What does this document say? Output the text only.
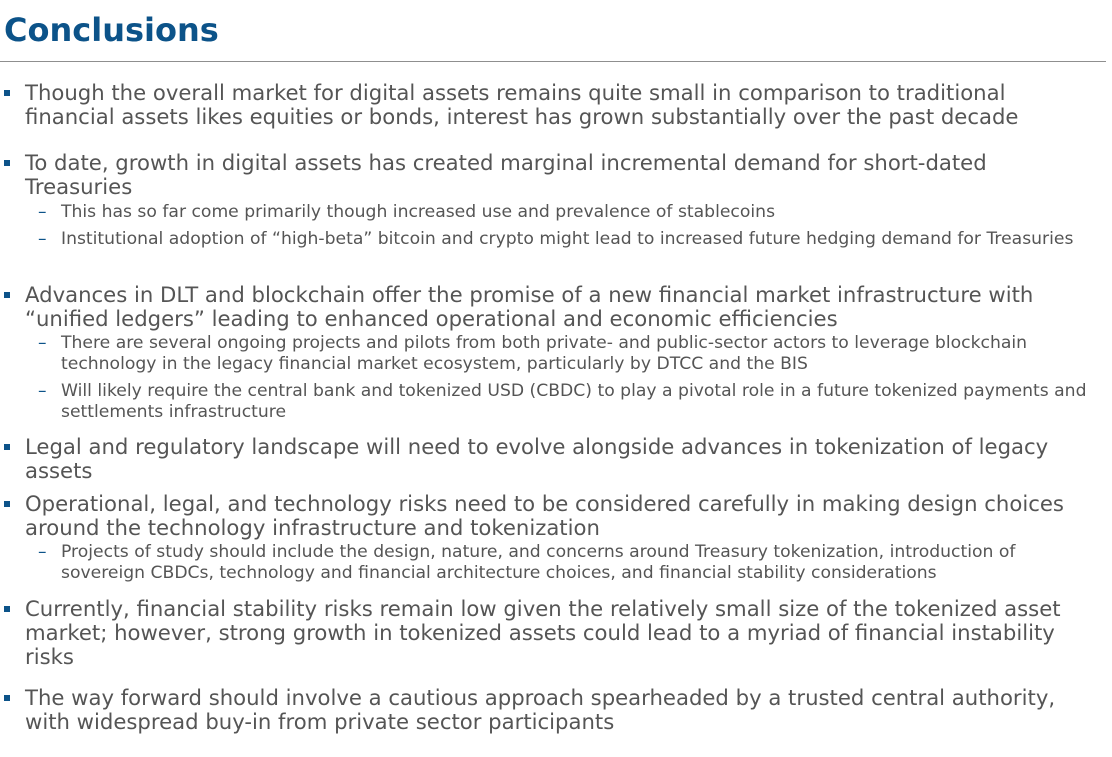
Conclusions
Though the overall market for digital assets remains quite small in comparison to traditional financial assets likes equities or bonds, interest has grown substantially over the past decade
To date, growth in digital assets has created marginal incremental demand for short-dated Treasuries
– This has so far come primarily though increased use and prevalence of stablecoins
– Institutional adoption of “high-beta” bitcoin and crypto might lead to increased future hedging demand for Treasuries
Advances in DLT and blockchain offer the promise of a new financial market infrastructure with “unified ledgers” leading to enhanced operational and economic efficiencies
– There are several ongoing projects and pilots from both private- and public-sector actors to leverage blockchain technology in the legacy financial market ecosystem, particularly by DTCC and the BIS
– Will likely require the central bank and tokenized USD (CBDC) to play a pivotal role in a future tokenized payments and settlements infrastructure
Legal and regulatory landscape will need to evolve alongside advances in tokenization of legacy assets
Operational, legal, and technology risks need to be considered carefully in making design choices around the technology infrastructure and tokenization
– Projects of study should include the design, nature, and concerns around Treasury tokenization, introduction of sovereign CBDCs, technology and financial architecture choices, and financial stability considerations
Currently, financial stability risks remain low given the relatively small size of the tokenized asset market; however, strong growth in tokenized assets could lead to a myriad of financial instability risks
The way forward should involve a cautious approach spearheaded by a trusted central authority, with widespread buy-in from private sector participants
